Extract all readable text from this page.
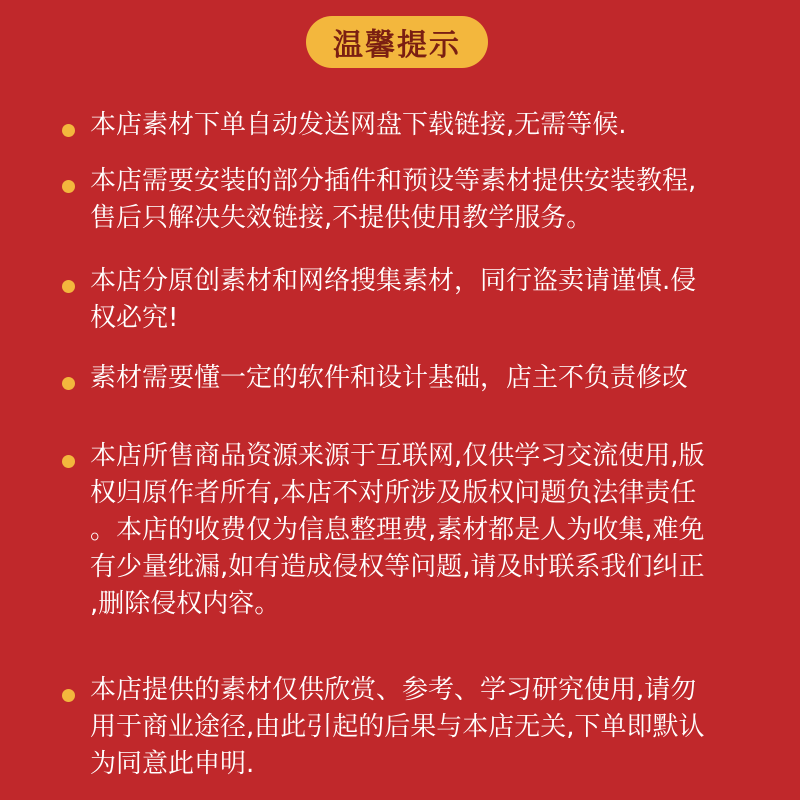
温馨提示
本店素材下单自动发送网盘下载链接,无需等候.
本店需要安装的部分插件和预设等素材提供安装教程,
售后只解决失效链接,不提供使用教学服务。
本店分原创素材和网络搜集素材，同行盗卖请谨慎.侵
权必究!
素材需要懂一定的软件和设计基础，店主不负责修改
本店所售商品资源来源于互联网,仅供学习交流使用,版
权归原作者所有,本店不对所涉及版权问题负法律责任
。本店的收费仅为信息整理费,素材都是人为收集,难免
有少量纰漏,如有造成侵权等问题,请及时联系我们纠正
,删除侵权内容。
本店提供的素材仅供欣赏、参考、学习研究使用,请勿
用于商业途径,由此引起的后果与本店无关,下单即默认
为同意此申明.
